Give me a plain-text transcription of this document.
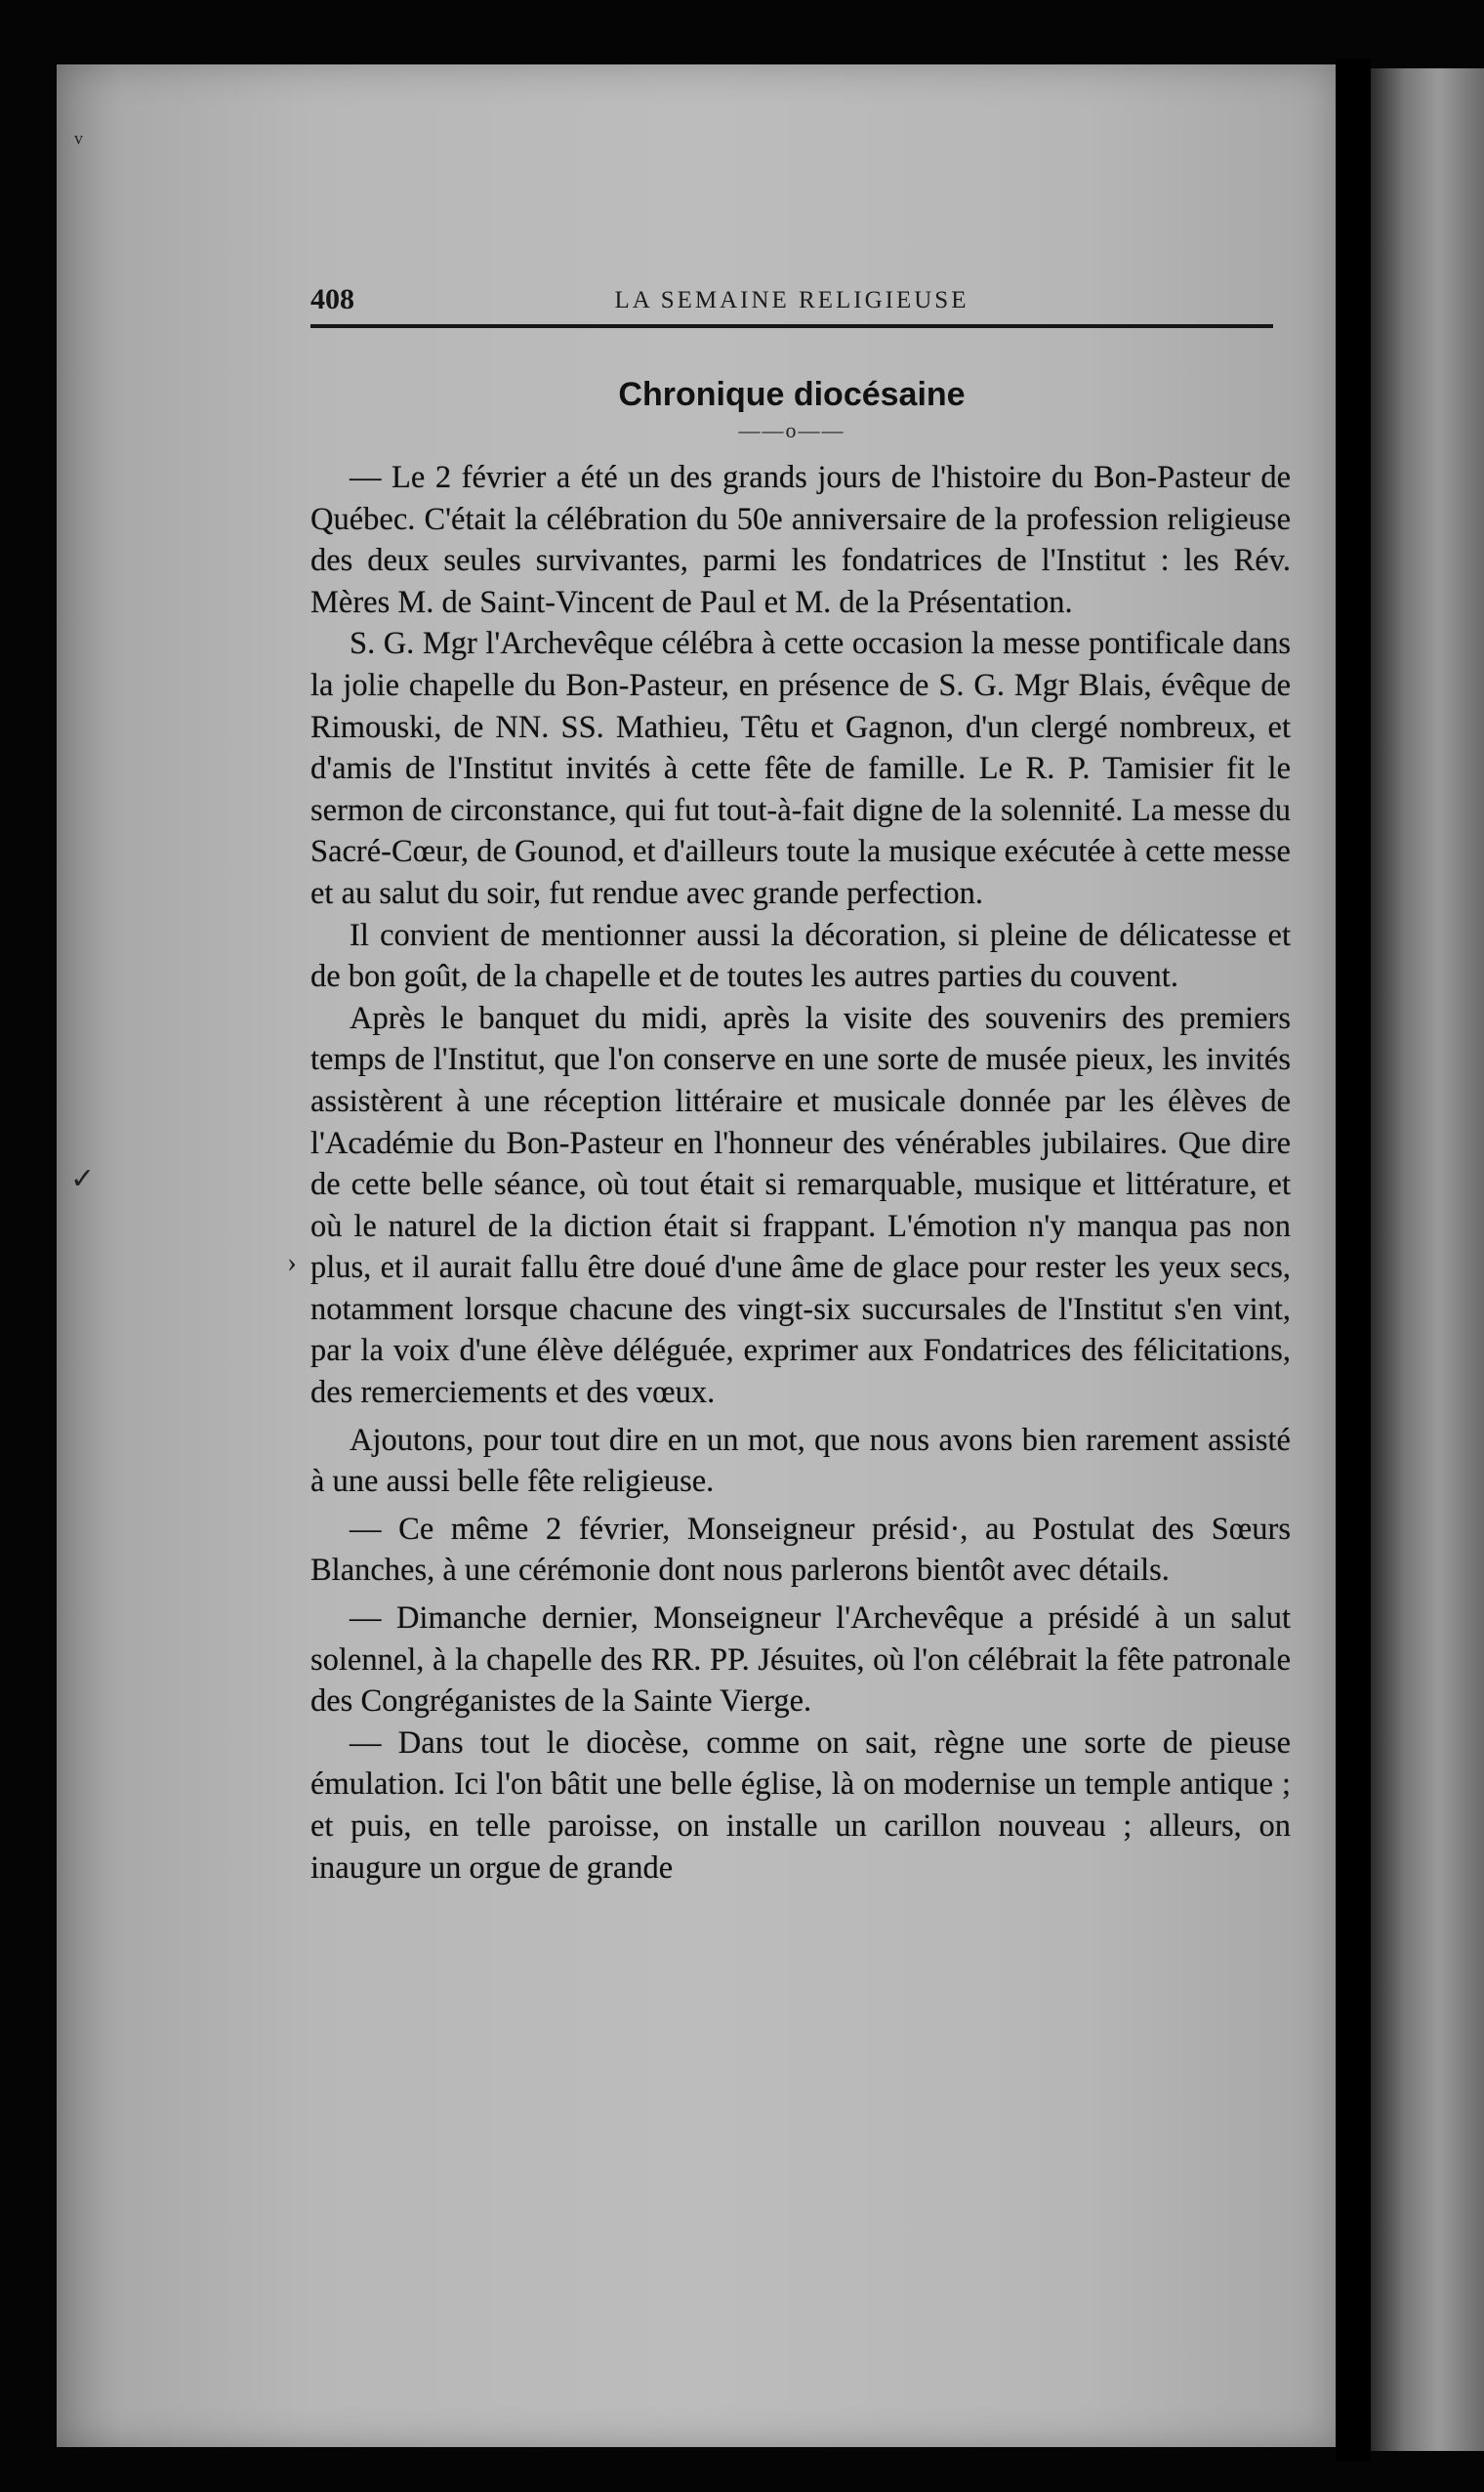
ᵛ
✓
›
408	LA SEMAINE RELIGIEUSE
Chronique diocésaine
——o——

— Le 2 février a été un des grands jours de l'histoire du Bon-Pasteur de Québec. C'était la célébration du 50e anniversaire de la profession religieuse des deux seules survivantes, parmi les fondatrices de l'Institut : les Rév. Mères M. de Saint-Vincent de Paul et M. de la Présentation.

S. G. Mgr l'Archevêque célébra à cette occasion la messe pontificale dans la jolie chapelle du Bon-Pasteur, en présence de S. G. Mgr Blais, évêque de Rimouski, de NN. SS. Mathieu, Têtu et Gagnon, d'un clergé nombreux, et d'amis de l'Institut invités à cette fête de famille. Le R. P. Tamisier fit le sermon de circonstance, qui fut tout-à-fait digne de la solennité. La messe du Sacré-Cœur, de Gounod, et d'ailleurs toute la musique exécutée à cette messe et au salut du soir, fut rendue avec grande perfection.

Il convient de mentionner aussi la décoration, si pleine de délicatesse et de bon goût, de la chapelle et de toutes les autres parties du couvent.

Après le banquet du midi, après la visite des souvenirs des premiers temps de l'Institut, que l'on conserve en une sorte de musée pieux, les invités assistèrent à une réception littéraire et musicale donnée par les élèves de l'Académie du Bon-Pasteur en l'honneur des vénérables jubilaires. Que dire de cette belle séance, où tout était si remarquable, musique et littérature, et où le naturel de la diction était si frappant. L'émotion n'y manqua pas non plus, et il aurait fallu être doué d'une âme de glace pour rester les yeux secs, notamment lorsque chacune des vingt-six succursales de l'Institut s'en vint, par la voix d'une élève déléguée, exprimer aux Fondatrices des félicitations, des remerciements et des vœux.

Ajoutons, pour tout dire en un mot, que nous avons bien rarement assisté à une aussi belle fête religieuse.

— Ce même 2 février, Monseigneur présid·, au Postulat des Sœurs Blanches, à une cérémonie dont nous parlerons bientôt avec détails.

— Dimanche dernier, Monseigneur l'Archevêque a présidé à un salut solennel, à la chapelle des RR. PP. Jésuites, où l'on célébrait la fête patronale des Congréganistes de la Sainte Vierge.

— Dans tout le diocèse, comme on sait, règne une sorte de pieuse émulation. Ici l'on bâtit une belle église, là on modernise un temple antique ; et puis, en telle paroisse, on installe un carillon nouveau ; alleurs, on inaugure un orgue de grande
